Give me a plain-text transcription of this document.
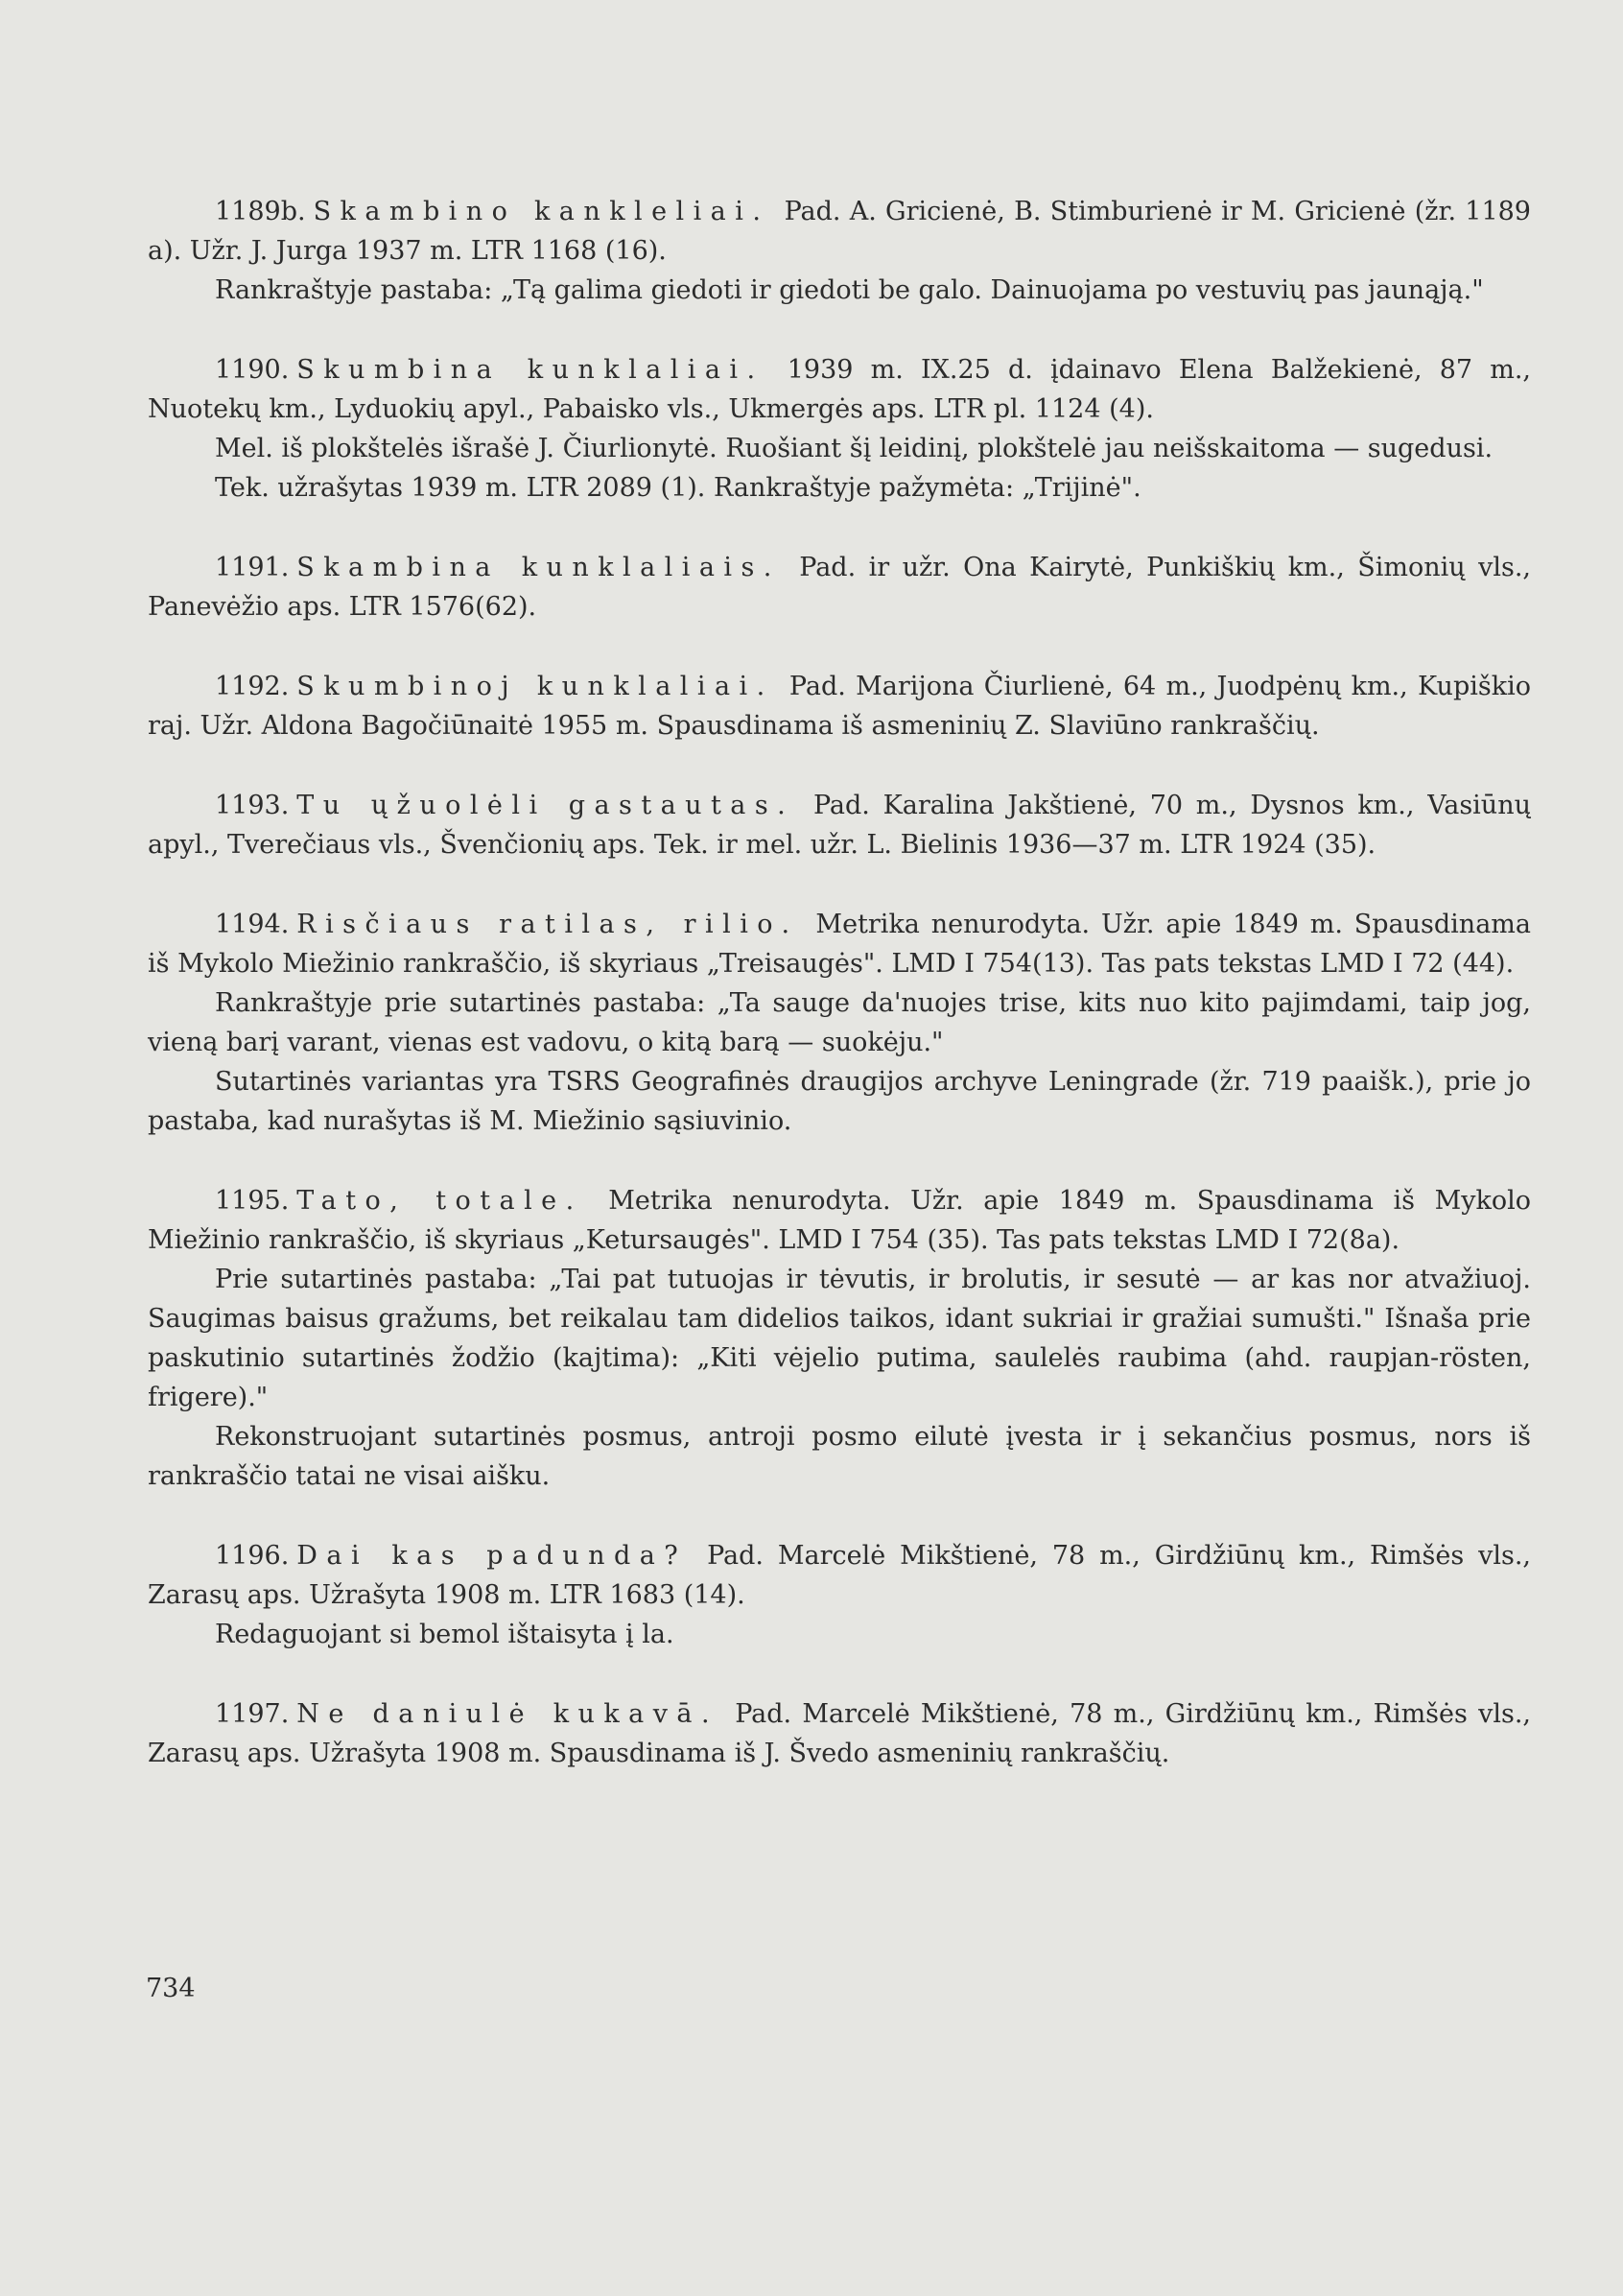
1189b. Skambino kankleliai. Pad. A. Gricienė, B. Stimburienė ir M. Gricienė (žr. 1189 a). Užr. J. Jurga 1937 m. LTR 1168 (16).

Rankraštyje pastaba: „Tą galima giedoti ir giedoti be galo. Dainuojama po vestuvių pas jaunąją."

1190. Skumbina kunklaliai. 1939 m. IX.25 d. įdainavo Elena Balžekienė, 87 m., Nuotekų km., Lyduokių apyl., Pabaisko vls., Ukmergės aps. LTR pl. 1124 (4).

Mel. iš plokštelės išrašė J. Čiurlionytė. Ruošiant šį leidinį, plokštelė jau neišskaitoma — sugedusi.

Tek. užrašytas 1939 m. LTR 2089 (1). Rankraštyje pažymėta: „Trijinė".

1191. Skambina kunklaliais. Pad. ir užr. Ona Kairytė, Punkiškių km., Šimonių vls., Panevėžio aps. LTR 1576(62).

1192. Skumbinoj kunklaliai. Pad. Marijona Čiurlienė, 64 m., Juodpėnų km., Kupiškio raj. Užr. Aldona Bagočiūnaitė 1955 m. Spausdinama iš asmeninių Z. Slaviūno rankraščių.

1193. Tu ųžuolėli gastautas. Pad. Karalina Jakštienė, 70 m., Dysnos km., Vasiūnų apyl., Tverečiaus vls., Švenčionių aps. Tek. ir mel. užr. L. Bielinis 1936—37 m. LTR 1924 (35).

1194. Risčiaus ratilas, rilio. Metrika nenurodyta. Užr. apie 1849 m. Spausdinama iš Mykolo Miežinio rankraščio, iš skyriaus „Treisaugės". LMD I 754(13). Tas pats tekstas LMD I 72 (44).

Rankraštyje prie sutartinės pastaba: „Ta sauge da'nuojes trise, kits nuo kito pajimdami, taip jog, vieną barį varant, vienas est vadovu, o kitą barą — suokėju."

Sutartinės variantas yra TSRS Geografinės draugijos archyve Leningrade (žr. 719 paaišk.), prie jo pastaba, kad nurašytas iš M. Miežinio sąsiuvinio.

1195. Tato, totale. Metrika nenurodyta. Užr. apie 1849 m. Spausdinama iš Mykolo Miežinio rankraščio, iš skyriaus „Ketursaugės". LMD I 754 (35). Tas pats tekstas LMD I 72(8a).

Prie sutartinės pastaba: „Tai pat tutuojas ir tėvutis, ir brolutis, ir sesutė — ar kas nor atvažiuoj. Saugimas baisus gražums, bet reikalau tam didelios taikos, idant sukriai ir gražiai sumušti." Išnaša prie paskutinio sutartinės žodžio (kajtima): „Kiti vėjelio putima, saulelės raubima (ahd. raupjan-rösten, frigere)."

Rekonstruojant sutartinės posmus, antroji posmo eilutė įvesta ir į sekančius posmus, nors iš rankraščio tatai ne visai aišku.

1196. Dai kas padunda? Pad. Marcelė Mikštienė, 78 m., Girdžiūnų km., Rimšės vls., Zarasų aps. Užrašyta 1908 m. LTR 1683 (14).

Redaguojant si bemol ištaisyta į la.

1197. Ne daniulė kukavā. Pad. Marcelė Mikštienė, 78 m., Girdžiūnų km., Rimšės vls., Zarasų aps. Užrašyta 1908 m. Spausdinama iš J. Švedo asmeninių rankraščių.

734
